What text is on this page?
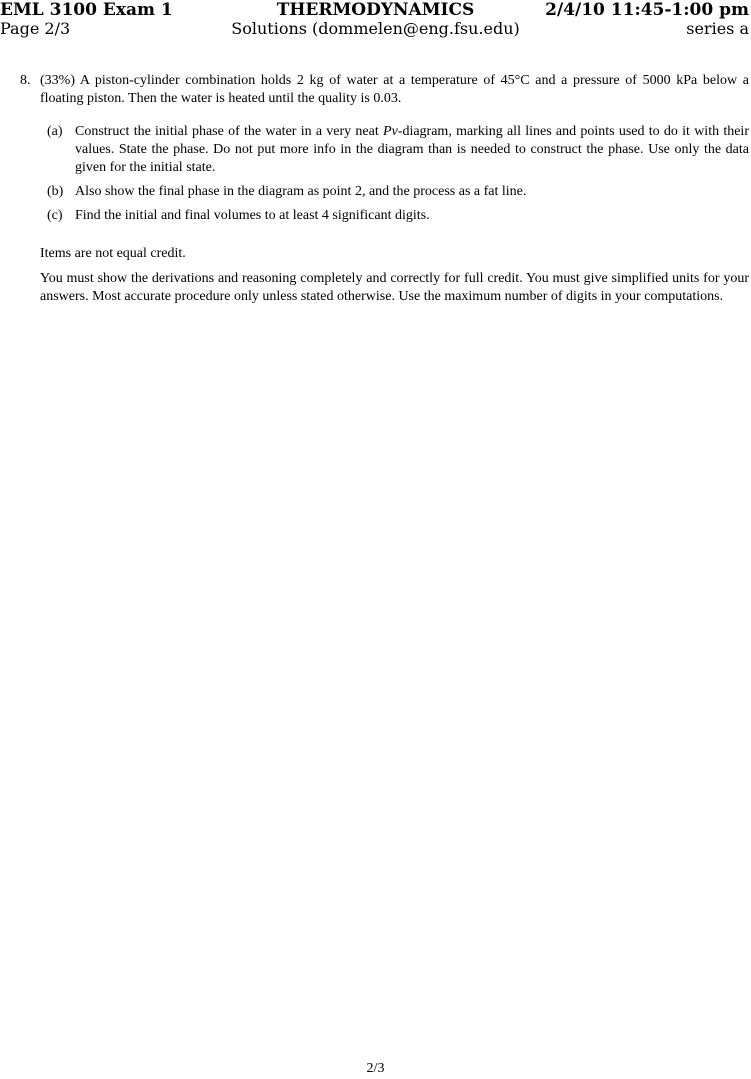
EML 3100 Exam 1	THERMODYNAMICS	2/4/10 11:45-1:00 pm
Page 2/3	Solutions (dommelen@eng.fsu.edu)	series a
8. (33%) A piston-cylinder combination holds 2 kg of water at a temperature of 45°C and a pressure of 5000 kPa below a floating piston. Then the water is heated until the quality is 0.03.
(a) Construct the initial phase of the water in a very neat Pv-diagram, marking all lines and points used to do it with their values. State the phase. Do not put more info in the diagram than is needed to construct the phase. Use only the data given for the initial state.
(b) Also show the final phase in the diagram as point 2, and the process as a fat line.
(c) Find the initial and final volumes to at least 4 significant digits.
Items are not equal credit.
You must show the derivations and reasoning completely and correctly for full credit. You must give simplified units for your answers. Most accurate procedure only unless stated otherwise. Use the maximum number of digits in your computations.
2/3
